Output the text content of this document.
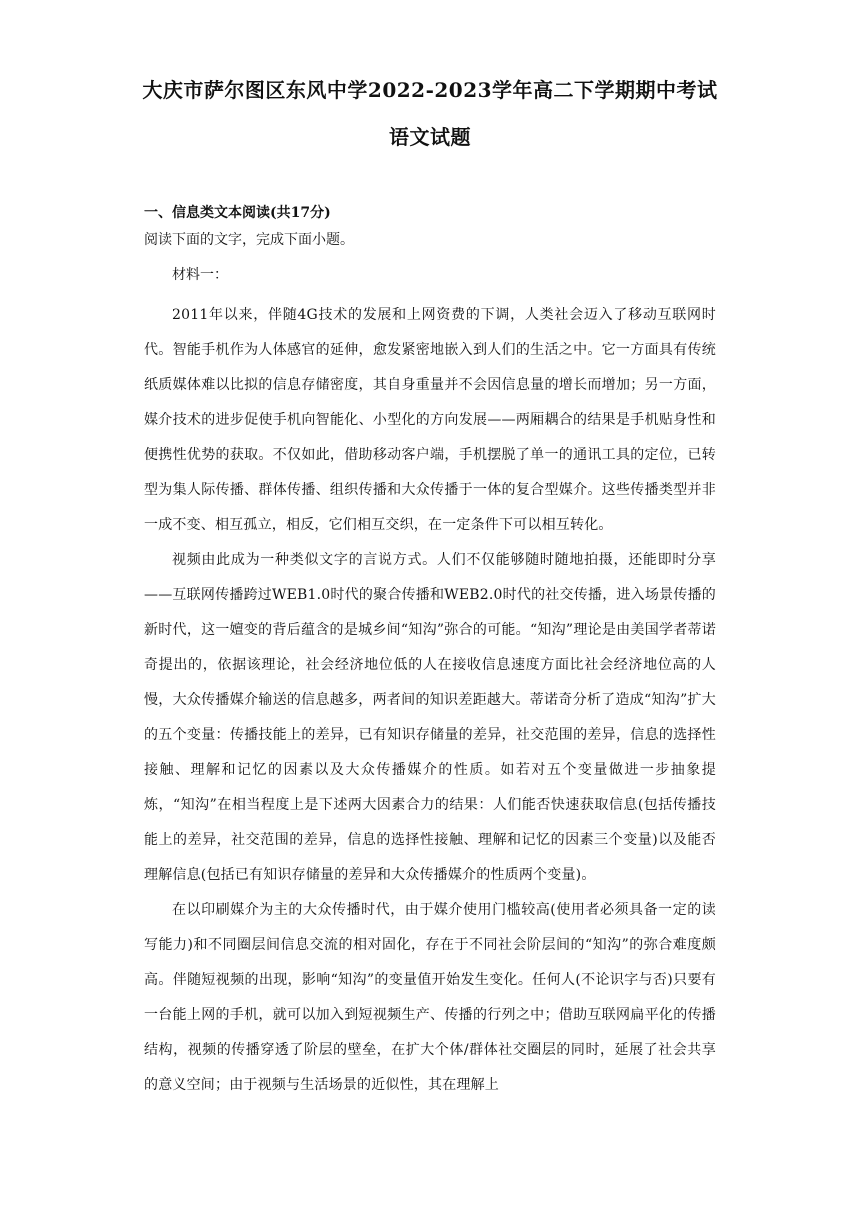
大庆市萨尔图区东风中学2022-2023学年高二下学期期中考试
语文试题
一、信息类文本阅读(共17分)
阅读下面的文字，完成下面小题。
材料一：

2011年以来，伴随4G技术的发展和上网资费的下调，人类社会迈入了移动互联网时代。智能手机作为人体感官的延伸，愈发紧密地嵌入到人们的生活之中。它一方面具有传统纸质媒体难以比拟的信息存储密度，其自身重量并不会因信息量的增长而增加；另一方面，媒介技术的进步促使手机向智能化、小型化的方向发展——两厢耦合的结果是手机贴身性和便携性优势的获取。不仅如此，借助移动客户端，手机摆脱了单一的通讯工具的定位，已转型为集人际传播、群体传播、组织传播和大众传播于一体的复合型媒介。这些传播类型并非一成不变、相互孤立，相反，它们相互交织，在一定条件下可以相互转化。

视频由此成为一种类似文字的言说方式。人们不仅能够随时随地拍摄，还能即时分享——互联网传播跨过WEB1.0时代的聚合传播和WEB2.0时代的社交传播，进入场景传播的新时代，这一嬗变的背后蕴含的是城乡间“知沟”弥合的可能。“知沟”理论是由美国学者蒂诺奇提出的，依据该理论，社会经济地位低的人在接收信息速度方面比社会经济地位高的人慢，大众传播媒介输送的信息越多，两者间的知识差距越大。蒂诺奇分析了造成“知沟”扩大的五个变量：传播技能上的差异，已有知识存储量的差异，社交范围的差异，信息的选择性接触、理解和记忆的因素以及大众传播媒介的性质。如若对五个变量做进一步抽象提炼，“知沟”在相当程度上是下述两大因素合力的结果：人们能否快速获取信息(包括传播技能上的差异，社交范围的差异，信息的选择性接触、理解和记忆的因素三个变量)以及能否理解信息(包括已有知识存储量的差异和大众传播媒介的性质两个变量)。

在以印刷媒介为主的大众传播时代，由于媒介使用门槛较高(使用者必须具备一定的读写能力)和不同圈层间信息交流的相对固化，存在于不同社会阶层间的“知沟”的弥合难度颇高。伴随短视频的出现，影响“知沟”的变量值开始发生变化。任何人(不论识字与否)只要有一台能上网的手机，就可以加入到短视频生产、传播的行列之中；借助互联网扁平化的传播结构，视频的传播穿透了阶层的壁垒，在扩大个体/群体社交圈层的同时，延展了社会共享的意义空间；由于视频与生活场景的近似性，其在理解上
